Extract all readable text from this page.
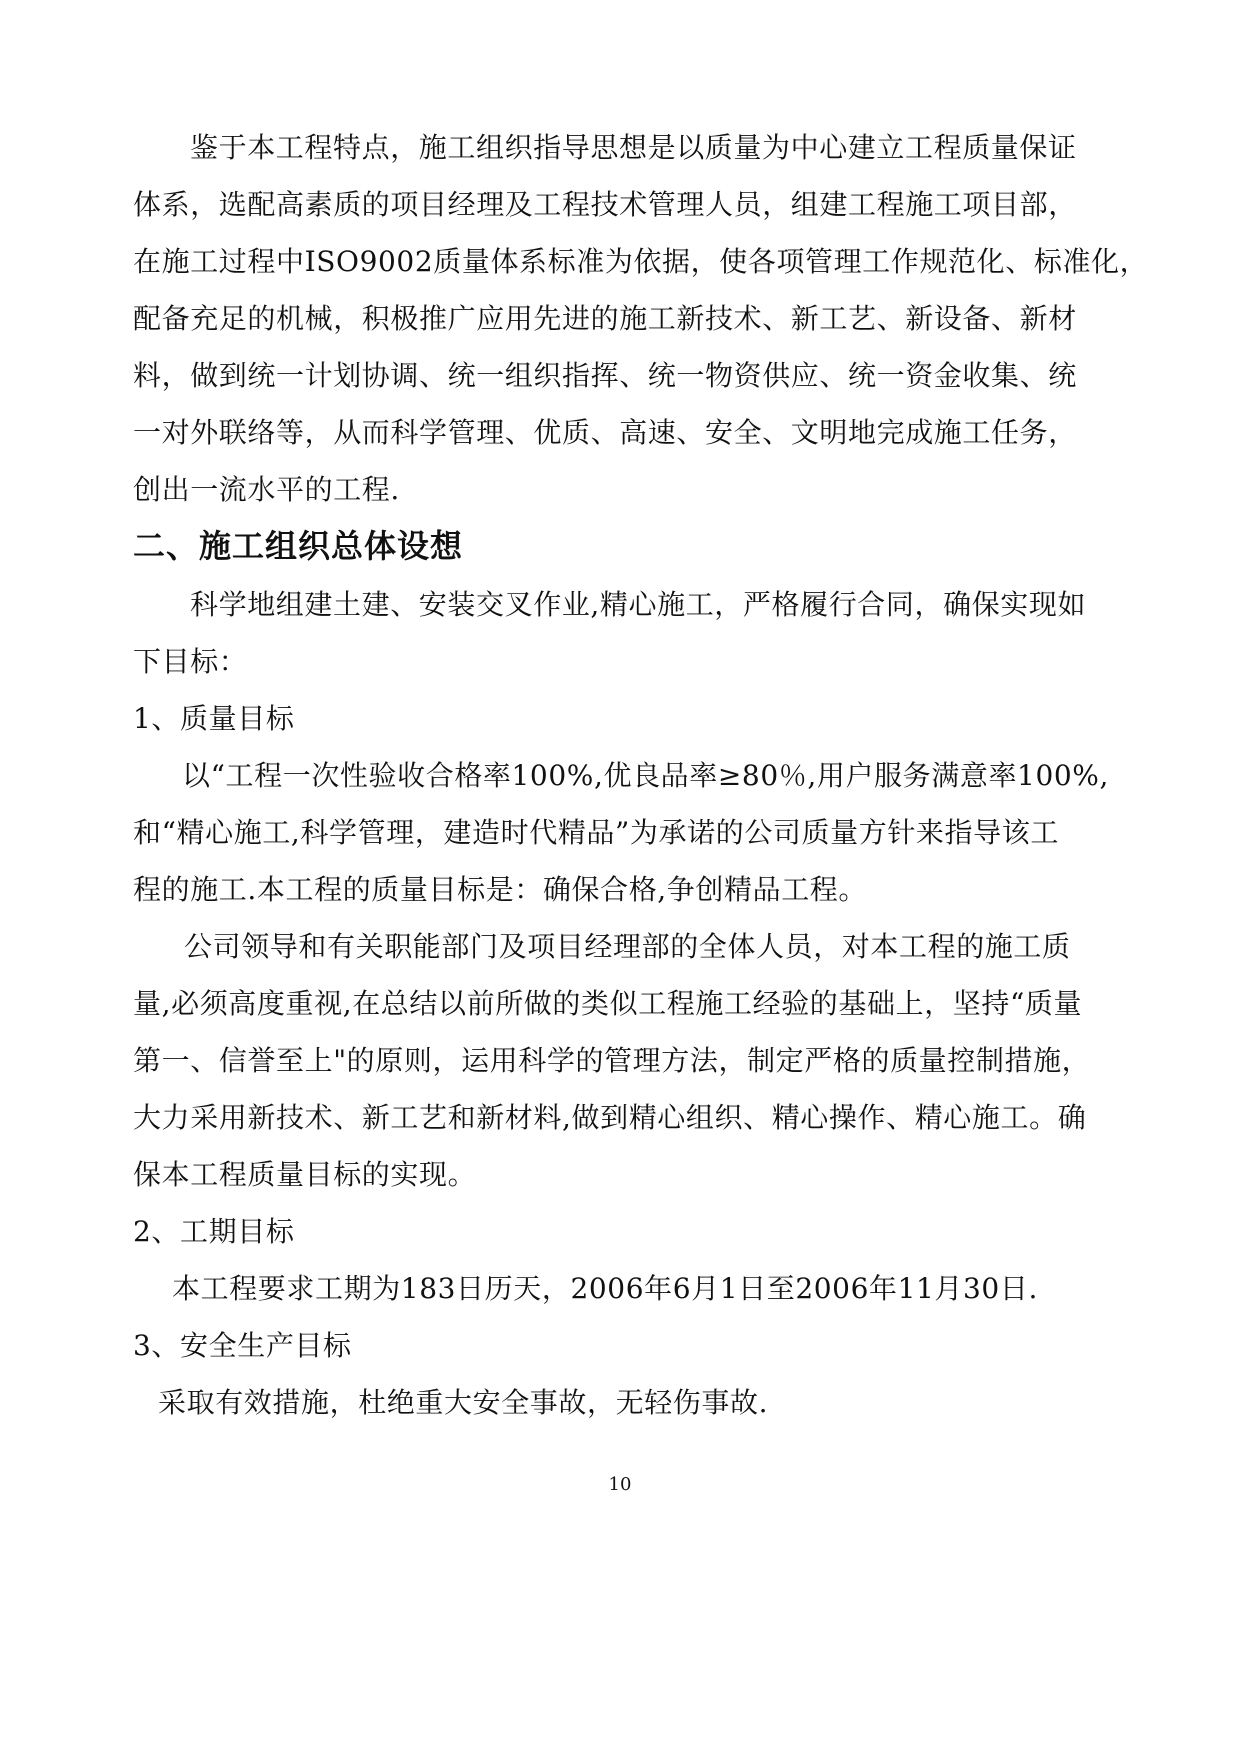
鉴于本工程特点，施工组织指导思想是以质量为中心建立工程质量保证
体系，选配高素质的项目经理及工程技术管理人员，组建工程施工项目部，
在施工过程中ISO9002质量体系标准为依据，使各项管理工作规范化、标准化，
配备充足的机械，积极推广应用先进的施工新技术、新工艺、新设备、新材
料，做到统一计划协调、统一组织指挥、统一物资供应、统一资金收集、统
一对外联络等，从而科学管理、优质、高速、安全、文明地完成施工任务，
创出一流水平的工程.
二、施工组织总体设想
科学地组建土建、安装交叉作业,精心施工，严格履行合同，确保实现如
下目标：
1、质量目标
以“工程一次性验收合格率100%,优良品率≥80％,用户服务满意率100%,
和“精心施工,科学管理，建造时代精品”为承诺的公司质量方针来指导该工
程的施工.本工程的质量目标是：确保合格,争创精品工程。
公司领导和有关职能部门及项目经理部的全体人员，对本工程的施工质
量,必须高度重视,在总结以前所做的类似工程施工经验的基础上，坚持“质量
第一、信誉至上"的原则，运用科学的管理方法，制定严格的质量控制措施，
大力采用新技术、新工艺和新材料,做到精心组织、精心操作、精心施工。确
保本工程质量目标的实现。
2、工期目标
本工程要求工期为183日历天，2006年6月1日至2006年11月30日.
3、安全生产目标
采取有效措施，杜绝重大安全事故，无轻伤事故.
10
